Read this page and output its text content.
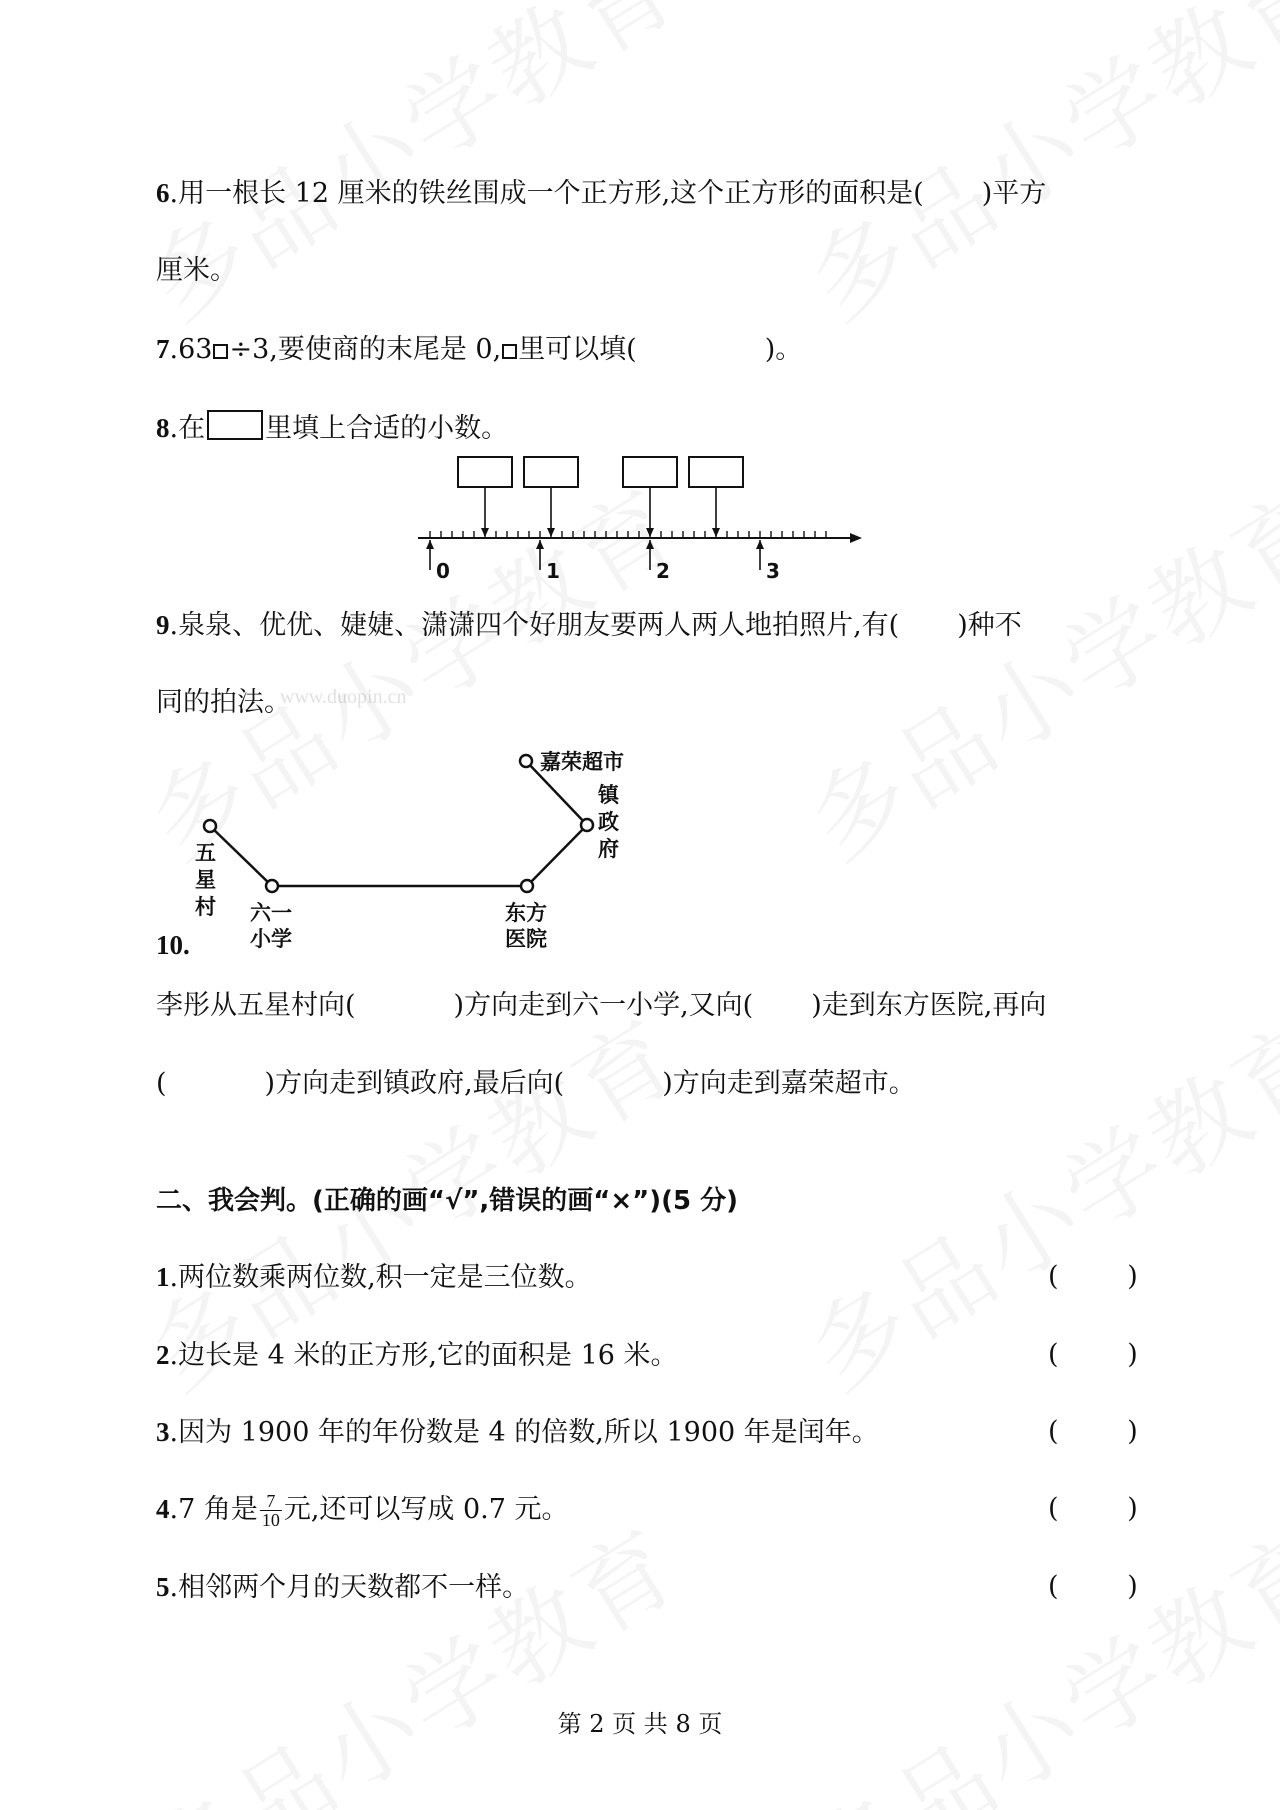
www.duopin.cn
6.用一根长 12 厘米的铁丝围成一个正方形,这个正方形的面积是( )平方
厘米。
7.63 ÷3,要使商的末尾是 0, 里可以填(	)。
8.在 里填上合适的小数。
0	1	2	3
9.泉泉、优优、婕婕、潇潇四个好朋友要两人两人地拍照片,有( )种不
同的拍法。
嘉荣超市
镇政府
五星村 六一
小学
东方
医院
10.
李彤从五星村向(	)方向走到六一小学,又向( )走到东方医院,再向
(	)方向走到镇政府,最后向(	)方向走到嘉荣超市。
二、我会判。(正确的画“√”,错误的画“×”)(5 分)
1.两位数乘两位数,积一定是三位数。	(        )
2.边长是 4 米的正方形,它的面积是 16 米。	(        )
3.因为 1900 年的年份数是 4 的倍数,所以 1900 年是闰年。	(        )
4.7 角是 $\frac{7}{10}$ 元,还可以写成 0.7 元。	(        )
5.相邻两个月的天数都不一样。	(        )
第 2 页 共 8 页
